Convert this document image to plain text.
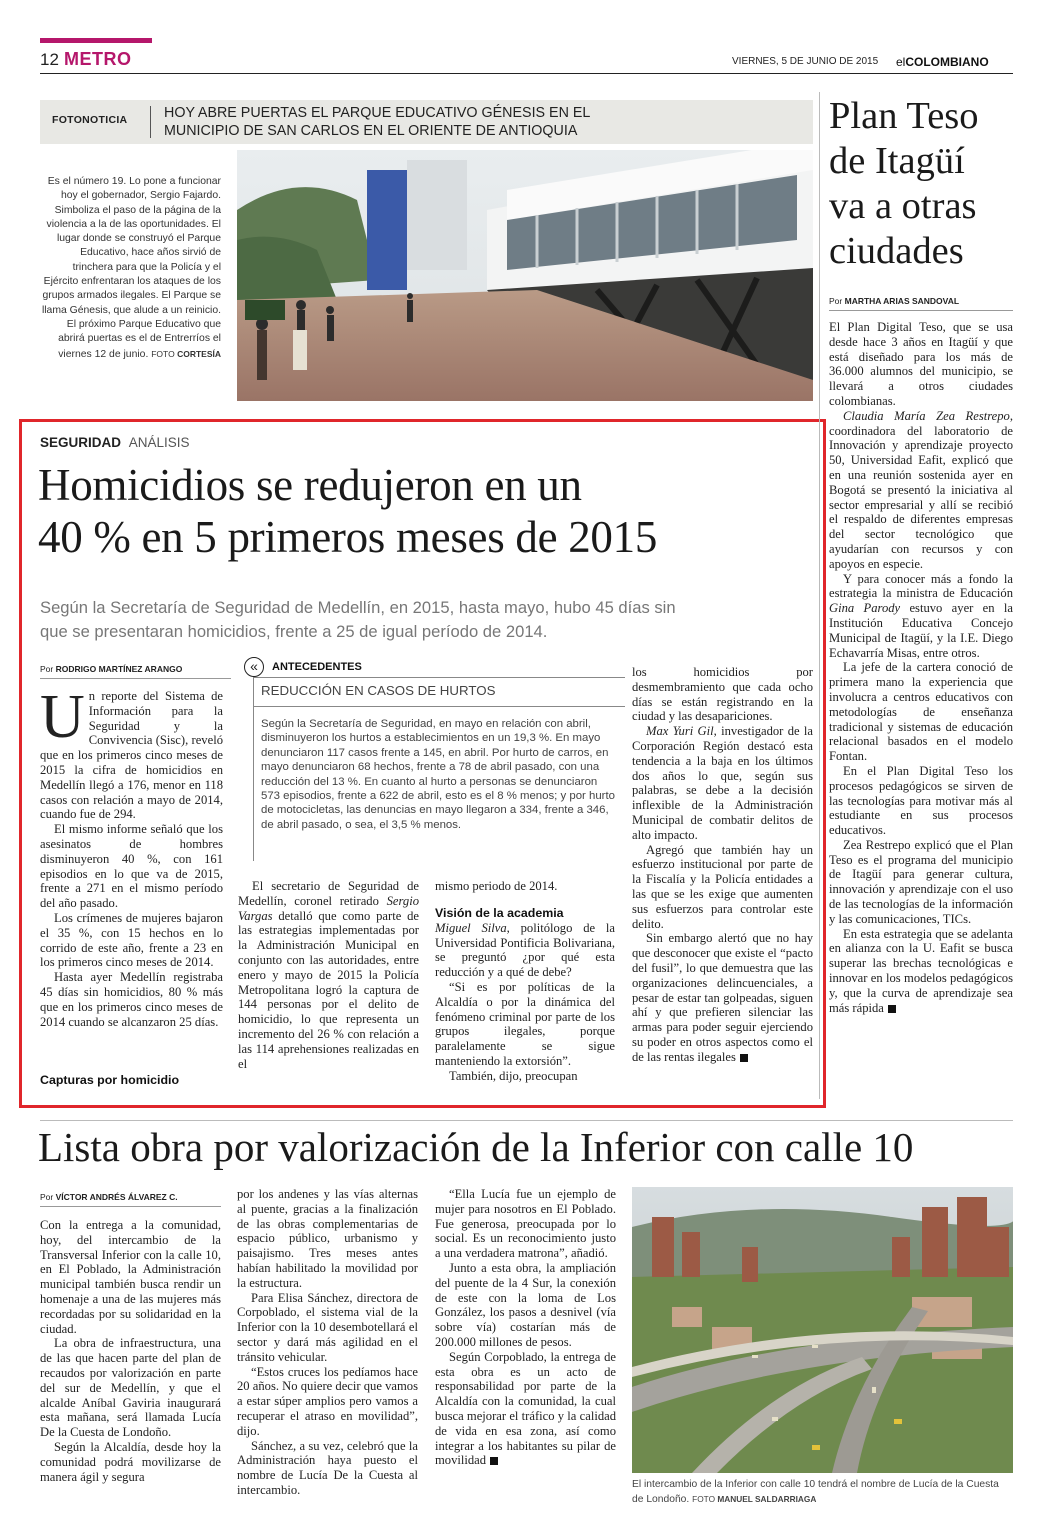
12 METRO	VIERNES, 5 DE JUNIO DE 2015 elCOLOMBIANO
FOTONOTICIA	HOY ABRE PUERTAS EL PARQUE EDUCATIVO GÉNESIS EN EL
MUNICIPIO DE SAN CARLOS EN EL ORIENTE DE ANTIOQUIA
Es el número 19. Lo pone a funcionar hoy el gobernador, Sergio Fajardo. Simboliza el paso de la página de la violencia a la de las oportunidades. El lugar donde se construyó el Parque Educativo, hace años sirvió de trinchera para que la Policía y el Ejército enfrentaran los ataques de los grupos armados ilegales. El Parque se llama Génesis, que alude a un reinicio. El próximo Parque Educativo que abrirá puertas es el de Entrerríos el viernes 12 de junio. FOTO CORTESÍA
SEGURIDAD ANÁLISIS
Homicidios se redujeron en un
40 % en 5 primeros meses de 2015
Según la Secretaría de Seguridad de Medellín, en 2015, hasta mayo, hubo 45 días sin
que se presentaran homicidios, frente a 25 de igual período de 2014.
Por RODRIGO MARTÍNEZ ARANGO

Un reporte del Sistema de Información para la Seguridad y la Convivencia (Sisc), reveló que en los primeros cinco meses de 2015 la cifra de homicidios en Medellín llegó a 176, menor en 118 casos con relación a mayo de 2014, cuando fue de 294.

El mismo informe señaló que los asesinatos de hombres disminuyeron 40 %, con 161 episodios en lo que va de 2015, frente a 271 en el mismo período del año pasado.

Los crímenes de mujeres bajaron el 35 %, con 15 hechos en lo corrido de este año, frente a 23 en los primeros cinco meses de 2014.

Hasta ayer Medellín registraba 45 días sin homicidios, 80 % más que en los primeros cinco meses de 2014 cuando se alcanzaron 25 días.

Capturas por homicidio
«	ANTECEDENTES
REDUCCIÓN EN CASOS DE HURTOS
Según la Secretaría de Seguridad, en mayo en relación con abril, disminuyeron los hurtos a establecimientos en un 19,3 %. En mayo denunciaron 117 casos frente a 145, en abril. Por hurto de carros, en mayo denunciaron 68 hechos, frente a 78 de abril pasado, con una reducción del 13 %. En cuanto al hurto a personas se denunciaron 573 episodios, frente a 622 de abril, esto es el 8 % menos; y por hurto de motocicletas, las denuncias en mayo llegaron a 334, frente a 346, de abril pasado, o sea, el 3,5 % menos.

El secretario de Seguridad de Medellín, coronel retirado Sergio Vargas detalló que como parte de las estrategias implementadas por la Administración Municipal en conjunto con las autoridades, entre enero y mayo de 2015 la Policía Metropolitana logró la captura de 144 personas por el delito de homicidio, lo que representa un incremento del 26 % con relación a las 114 aprehensiones realizadas en el

mismo periodo de 2014.

Visión de la academia

Miguel Silva, politólogo de la Universidad Pontificia Bolivariana, se preguntó ¿por qué esta reducción y a qué de debe?

“Si es por políticas de la Alcaldía o por la dinámica del fenómeno criminal por parte de los grupos ilegales, porque paralelamente se sigue manteniendo la extorsión”.

También, dijo, preocupan

los homicidios por desmembramiento que cada ocho días se están registrando en la ciudad y las desapariciones.

Max Yuri Gil, investigador de la Corporación Región destacó esta tendencia a la baja en los últimos dos años lo que, según sus palabras, se debe a la decisión inflexible de la Administración Municipal de combatir delitos de alto impacto.

Agregó que también hay un esfuerzo institucional por parte de la Fiscalía y la Policía entidades a las que se les exige que aumenten sus esfuerzos para controlar este delito.

Sin embargo alertó que no hay que desconocer que existe el “pacto del fusil”, lo que demuestra que las organizaciones delincuenciales, a pesar de estar tan golpeadas, siguen ahí y que prefieren silenciar las armas para poder seguir ejerciendo su poder en otros aspectos como el de las rentas ilegales

Plan Teso
de Itagüí
va a otras
ciudades
Por MARTHA ARIAS SANDOVAL

El Plan Digital Teso, que se usa desde hace 3 años en Itagüí y que está diseñado para los más de 36.000 alumnos del municipio, se llevará a otros ciudades colombianas.

Claudia María Zea Restrepo, coordinadora del laboratorio de Innovación y aprendizaje proyecto 50, Universidad Eafit, explicó que en una reunión sostenida ayer en Bogotá se presentó la iniciativa al sector empresarial y allí se recibió el respaldo de diferentes empresas del sector tecnológico que ayudarían con recursos y con apoyos en especie.

Y para conocer más a fondo la estrategia la ministra de Educación Gina Parody estuvo ayer en la Institución Educativa Concejo Municipal de Itagüí, y la I.E. Diego Echavarría Misas, entre otros.

La jefe de la cartera conoció de primera mano la experiencia que involucra a centros educativos con metodologías de enseñanza tradicional y sistemas de educación relacional basados en el modelo Fontan.

En el Plan Digital Teso los procesos pedagógicos se sirven de las tecnologías para motivar más al estudiante en sus procesos educativos.

Zea Restrepo explicó que el Plan Teso es el programa del municipio de Itagüí para generar cultura, innovación y aprendizaje con el uso de las tecnologías de la información y las comunicaciones, TICs.

En esta estrategia que se adelanta en alianza con la U. Eafit se busca superar las brechas tecnológicas e innovar en los modelos pedagógicos y, que la curva de aprendizaje sea más rápida

Lista obra por valorización de la Inferior con calle 10
Por VÍCTOR ANDRÉS ÁLVAREZ C.

Con la entrega a la comunidad, hoy, del intercambio de la Transversal Inferior con la calle 10, en El Poblado, la Administración municipal también busca rendir un homenaje a una de las mujeres más recordadas por su solidaridad en la ciudad.

La obra de infraestructura, una de las que hacen parte del plan de recaudos por valorización en parte del sur de Medellín, y que el alcalde Aníbal Gaviria inaugurará esta mañana, será llamada Lucía De la Cuesta de Londoño.

Según la Alcaldía, desde hoy la comunidad podrá movilizarse de manera ágil y segura

por los andenes y las vías alternas al puente, gracias a la finalización de las obras complementarias de espacio público, urbanismo y paisajismo. Tres meses antes habían habilitado la movilidad por la estructura.

Para Elisa Sánchez, directora de Corpoblado, el sistema vial de la Inferior con la 10 desembotellará el sector y dará más agilidad en el tránsito vehicular.

“Estos cruces los pedíamos hace 20 años. No quiere decir que vamos a estar súper amplios pero vamos a recuperar el atraso en movilidad”, dijo.

Sánchez, a su vez, celebró que la Administración haya puesto el nombre de Lucía De la Cuesta al intercambio.

“Ella Lucía fue un ejemplo de mujer para nosotros en El Poblado. Fue generosa, preocupada por lo social. Es un reconocimiento justo a una verdadera matrona”, añadió.

Junto a esta obra, la ampliación del puente de la 4 Sur, la conexión de este con la loma de Los González, los pasos a desnivel (vía sobre vía) costarían más de 200.000 millones de pesos.

Según Corpoblado, la entrega de esta obra es un acto de responsabilidad por parte de la Alcaldía con la comunidad, la cual busca mejorar el tráfico y la calidad de vida en esa zona, así como integrar a los habitantes su pilar de movilidad

El intercambio de la Inferior con calle 10 tendrá el nombre de Lucía de la Cuesta de Londoño. FOTO MANUEL SALDARRIAGA
